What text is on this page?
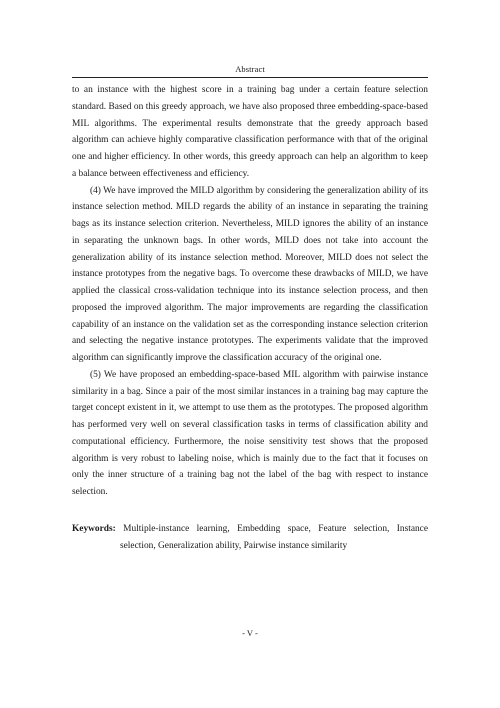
Abstract

to an instance with the highest score in a training bag under a certain feature selection standard. Based on this greedy approach, we have also proposed three embedding-space-based MIL algorithms. The experimental results demonstrate that the greedy approach based algorithm can achieve highly comparative classification performance with that of the original one and higher efficiency. In other words, this greedy approach can help an algorithm to keep a balance between effectiveness and efficiency.

(4) We have improved the MILD algorithm by considering the generalization ability of its instance selection method. MILD regards the ability of an instance in separating the training bags as its instance selection criterion. Nevertheless, MILD ignores the ability of an instance in separating the unknown bags. In other words, MILD does not take into account the generalization ability of its instance selection method. Moreover, MILD does not select the instance prototypes from the negative bags. To overcome these drawbacks of MILD, we have applied the classical cross-validation technique into its instance selection process, and then proposed the improved algorithm. The major improvements are regarding the classification capability of an instance on the validation set as the corresponding instance selection criterion and selecting the negative instance prototypes. The experiments validate that the improved algorithm can significantly improve the classification accuracy of the original one.

(5) We have proposed an embedding-space-based MIL algorithm with pairwise instance similarity in a bag. Since a pair of the most similar instances in a training bag may capture the target concept existent in it, we attempt to use them as the prototypes. The proposed algorithm has performed very well on several classification tasks in terms of classification ability and computational efficiency. Furthermore, the noise sensitivity test shows that the proposed algorithm is very robust to labeling noise, which is mainly due to the fact that it focuses on only the inner structure of a training bag not the label of the bag with respect to instance selection.

Keywords: Multiple-instance learning, Embedding space, Feature selection, Instance selection, Generalization ability, Pairwise instance similarity
- V -
